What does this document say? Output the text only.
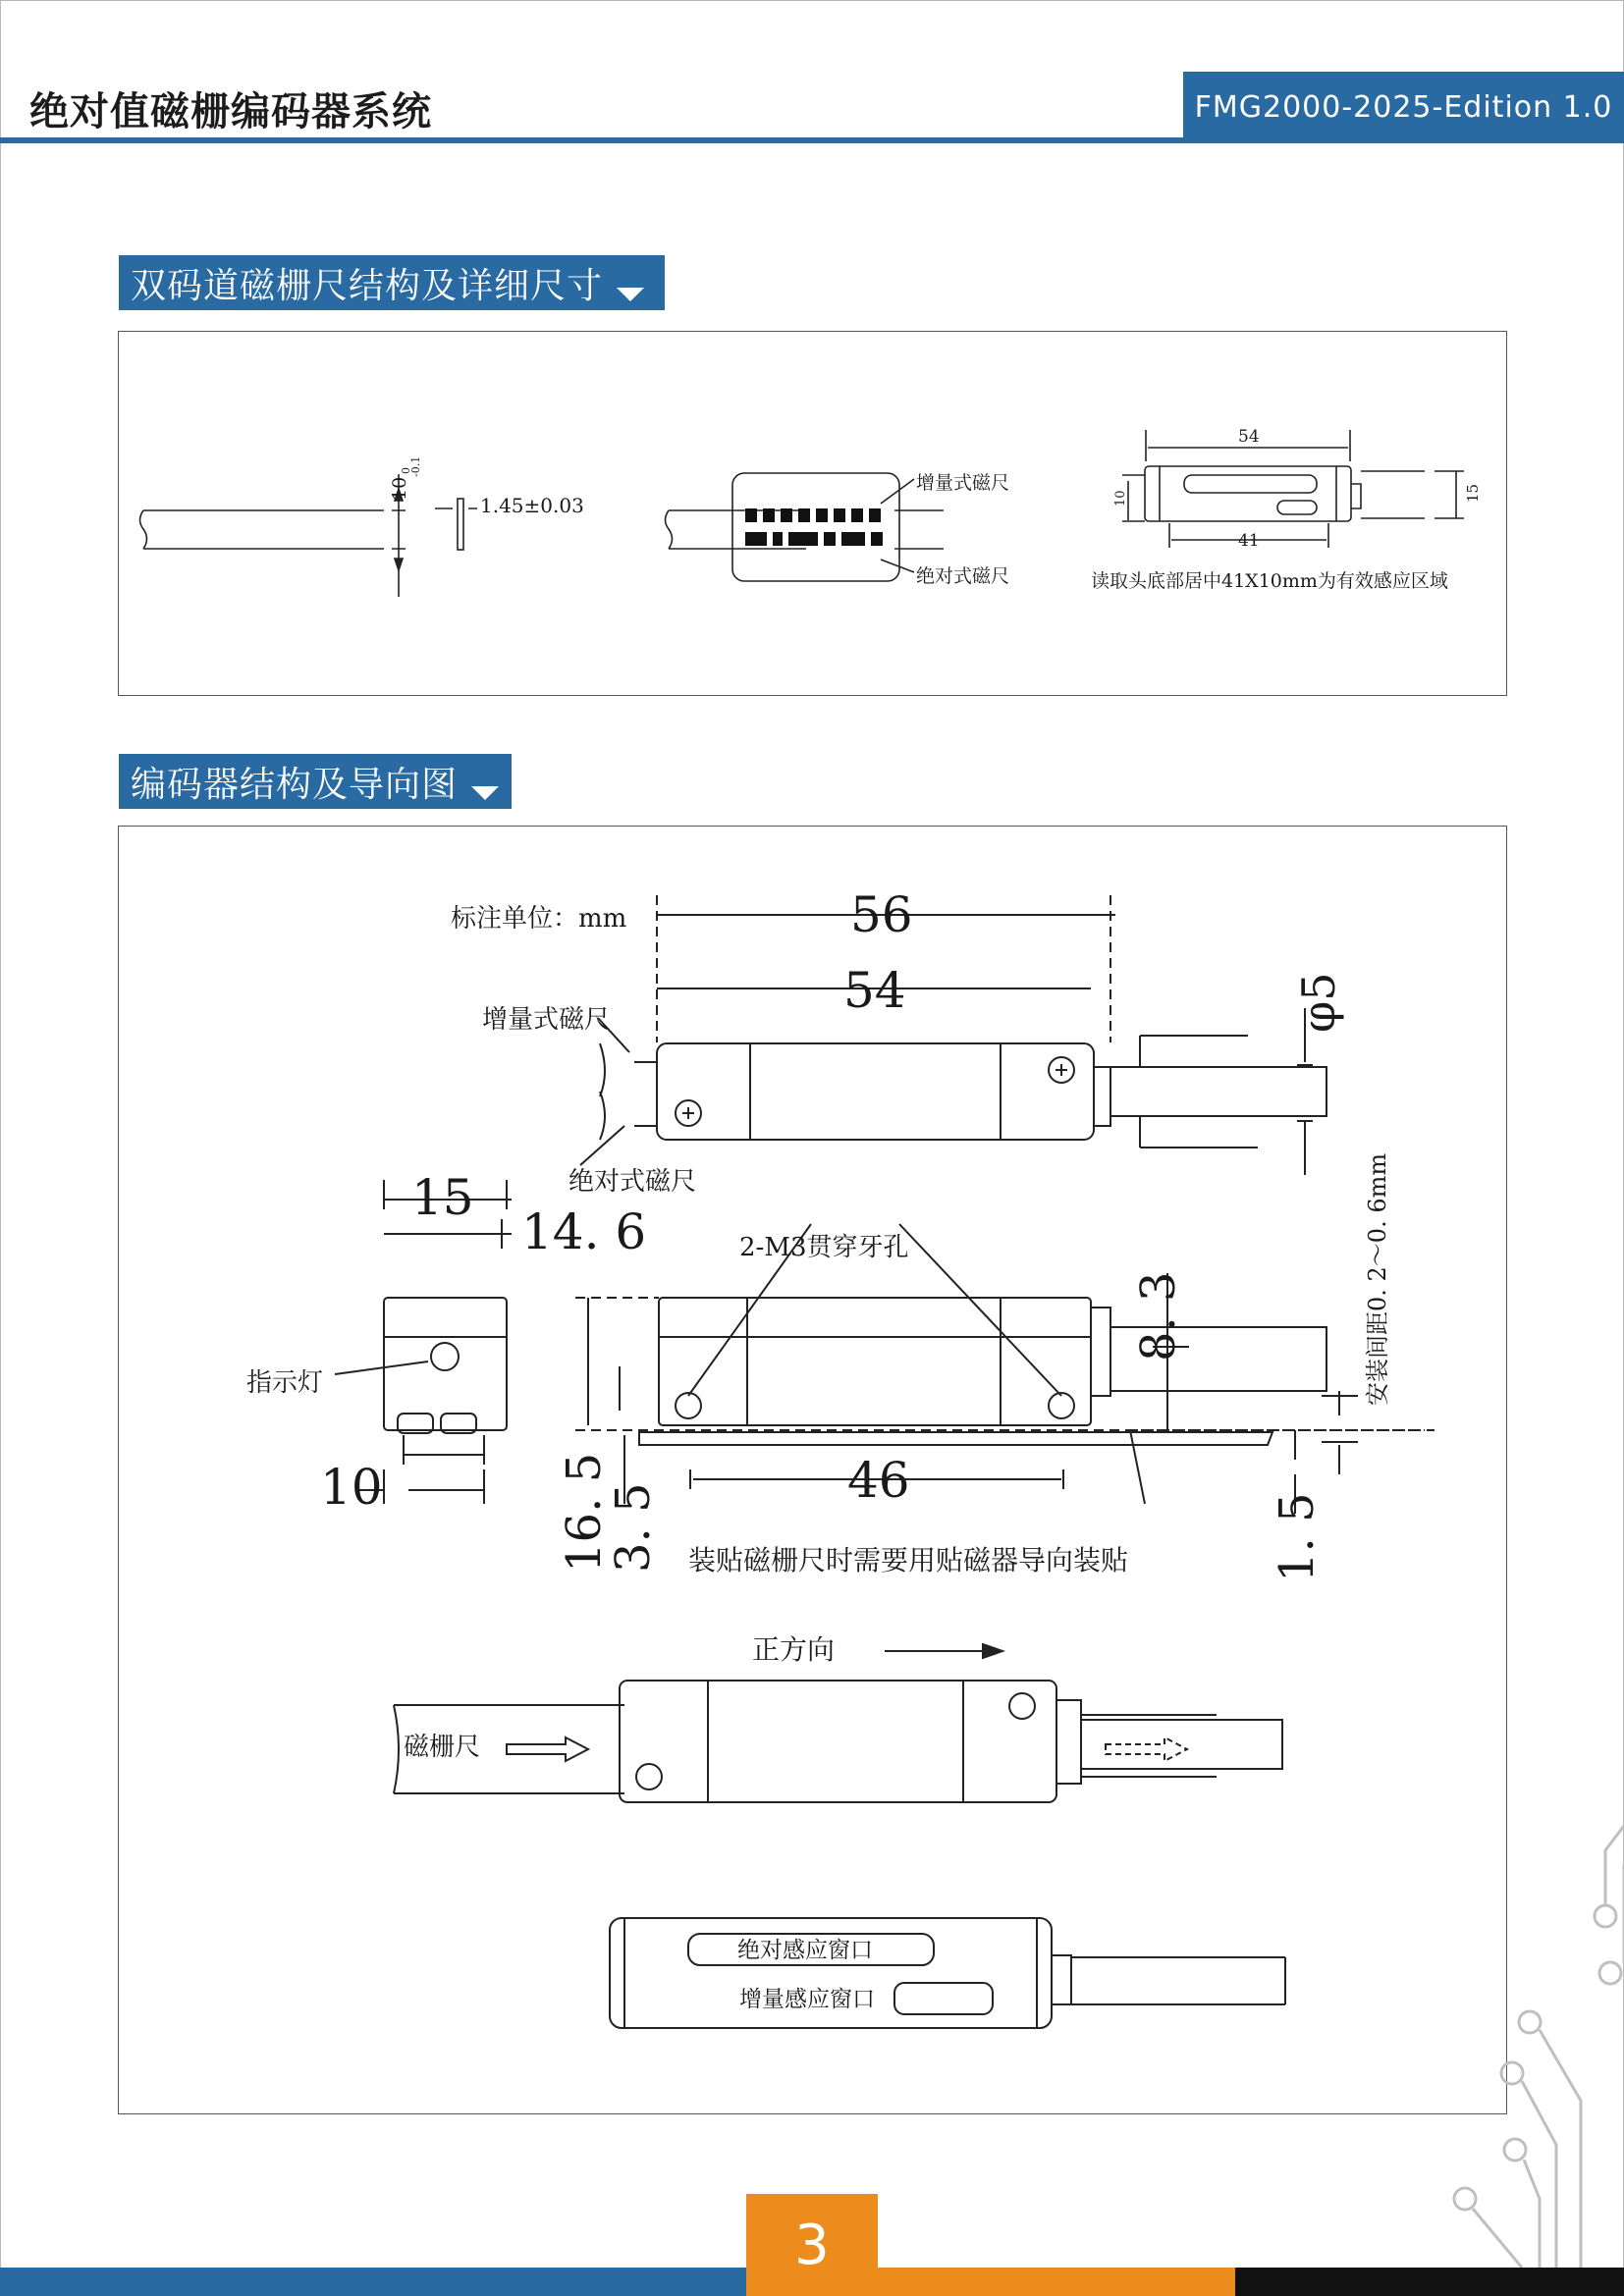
绝对值磁栅编码器系统	FMG2000-2025-Edition 1.0
双码道磁栅尺结构及详细尺寸
10
0
-0.1
1.45±0.03
增量式磁尺
绝对式磁尺
54
41
10	15
读取头底部居中41X10mm为有效感应区域
编码器结构及导向图
标注单位：mm	56
54	φ5
增量式磁尺
绝对式磁尺
15
14. 6
指示灯
10
2-M3贯穿牙孔
8. 3	安装间距0. 2～0. 6mm
16. 5
3. 5
46
1. 5
装贴磁栅尺时需要用贴磁器导向装贴
正方向
磁栅尺
绝对感应窗口
增量感应窗口
3
